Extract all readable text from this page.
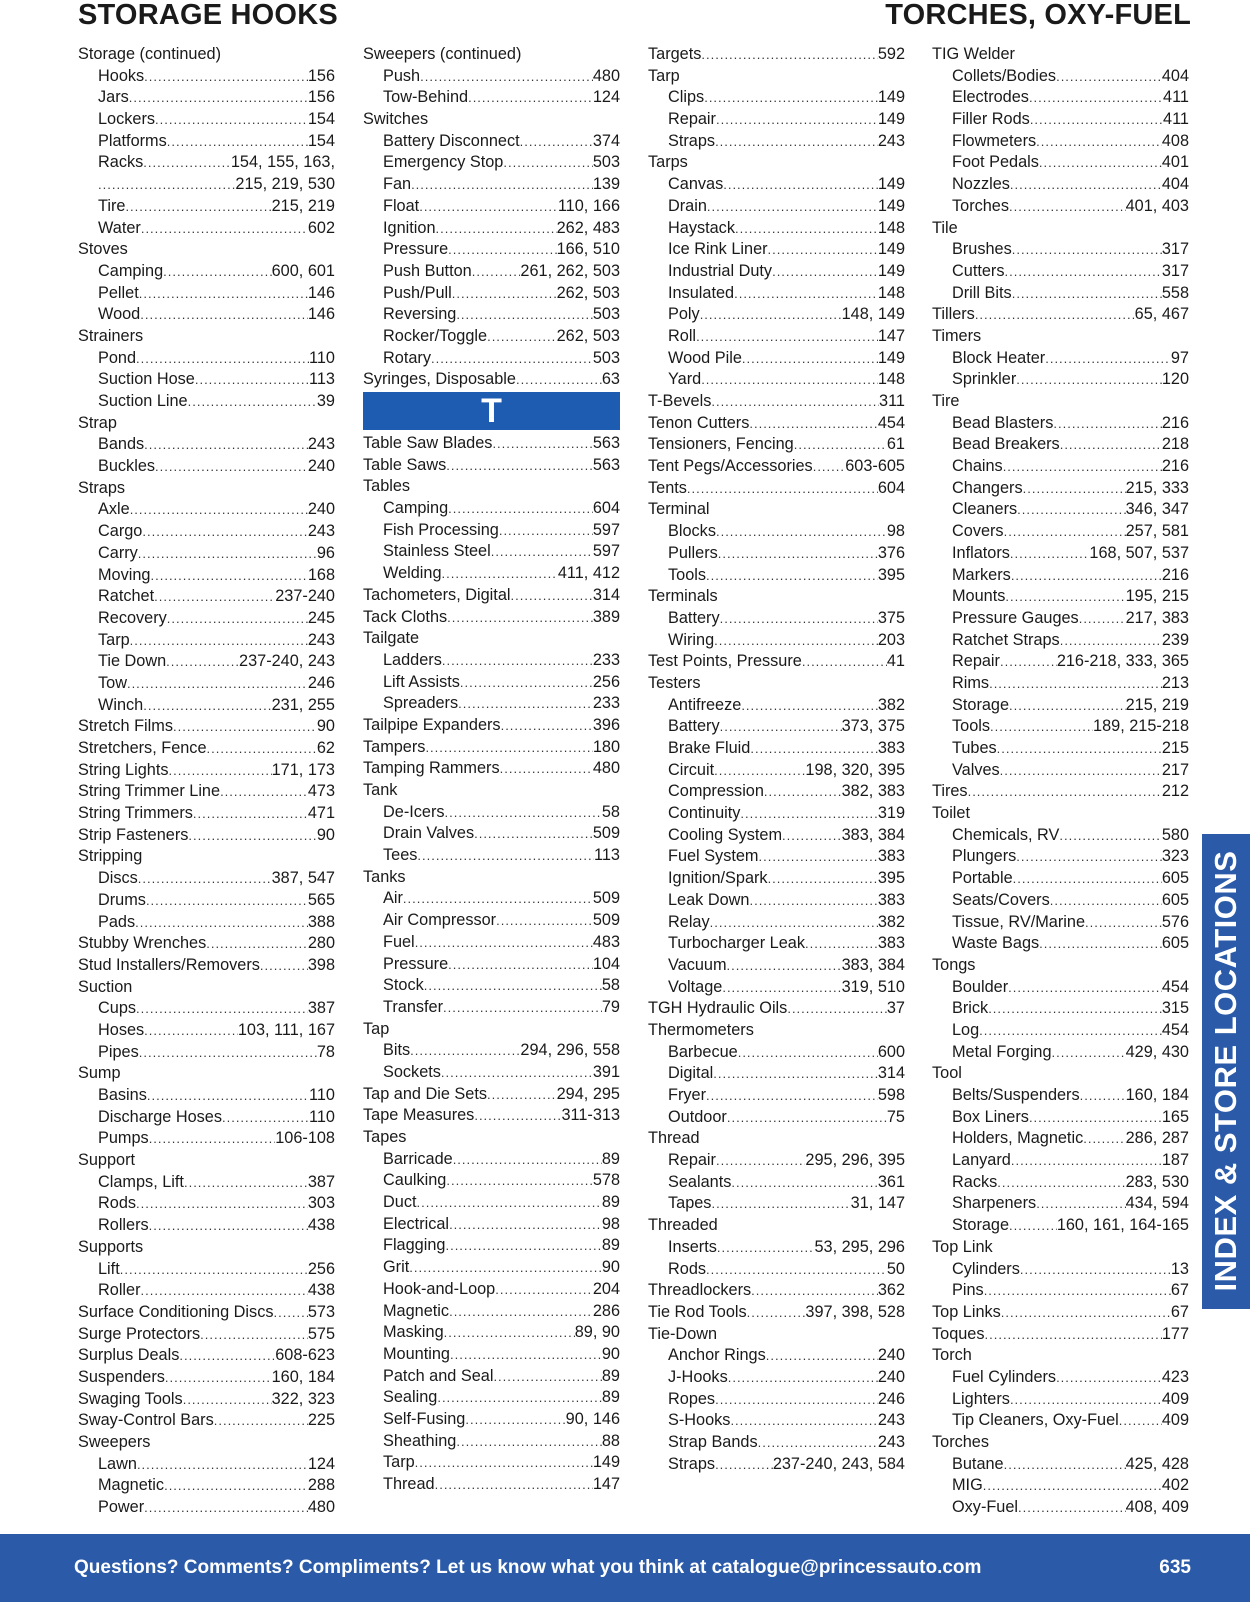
STORAGE HOOKS	TORCHES, OXY-FUEL
Storage (continued)
Hooks .....	156
Jars .....	156
Lockers .....	154
Platforms .....	154
Racks .....	154, 155, 163,
.....
215, 219, 530
Tire .....	215, 219
Water .....	602
Stoves
Camping .....	600, 601
Pellet .....	146
Wood .....	146
Strainers
Pond .....	110
Suction Hose .....	113
Suction Line .....	39
Strap
Bands .....	243
Buckles .....	240
Straps
Axle .....	240
Cargo .....	243
Carry .....	96
Moving .....	168
Ratchet .....	237-240
Recovery .....	245
Tarp .....	243
Tie Down .....	237-240, 243
Tow .....	246
Winch .....	231, 255
Stretch Films .....	90
Stretchers, Fence .....	62
String Lights .....	171, 173
String Trimmer Line .....	473
String Trimmers .....	471
Strip Fasteners .....	90
Stripping
Discs .....	387, 547
Drums .....	565
Pads .....	388
Stubby Wrenches .....	280
Stud Installers/Removers .....	398
Suction
Cups .....	387
Hoses .....	103, 111, 167
Pipes .....	78
Sump
Basins .....	110
Discharge Hoses .....	110
Pumps .....	106-108
Support
Clamps, Lift .....	387
Rods .....	303
Rollers .....	438
Supports
Lift .....	256
Roller .....	438
Surface Conditioning Discs ..... 573
Surge Protectors .....	575
Surplus Deals .....	608-623
Suspenders .....	160, 184
Swaging Tools .....	322, 323
Sway-Control Bars .....	225
Sweepers
Lawn .....	124
Magnetic .....	288
Power .....	480
Sweepers (continued)
Push .....	480
Tow-Behind .....	124
Switches
Battery Disconnect .....	374
Emergency Stop .....	503
Fan .....	139
Float .....	110, 166
Ignition .....	262, 483
Pressure .....	166, 510
Push Button .....	261, 262, 503
Push/Pull .....	262, 503
Reversing .....	503
Rocker/Toggle .....	262, 503
Rotary .....	503
Syringes, Disposable .....	63
T
Table Saw Blades .....	563
Table Saws .....	563
Tables
Camping .....	604
Fish Processing .....	597
Stainless Steel .....	597
Welding .....	411, 412
Tachometers, Digital .....	314
Tack Cloths .....	389
Tailgate
Ladders .....	233
Lift Assists .....	256
Spreaders .....	233
Tailpipe Expanders .....	396
Tampers .....	180
Tamping Rammers .....	480
Tank
De-Icers .....	58
Drain Valves .....	509
Tees .....	113
Tanks
Air .....	509
Air Compressor .....	509
Fuel .....	483
Pressure .....	104
Stock .....	58
Transfer .....	79
Tap
Bits .....	294, 296, 558
Sockets .....	391
Tap and Die Sets .....	294, 295
Tape Measures .....	311-313
Tapes
Barricade .....	89
Caulking .....	578
Duct .....	89
Electrical .....	98
Flagging .....	89
Grit .....	90
Hook-and-Loop .....	204
Magnetic .....	286
Masking .....	89, 90
Mounting .....	90
Patch and Seal .....	89
Sealing .....	89
Self-Fusing .....	90, 146
Sheathing .....	88
Tarp .....	149
Thread .....	147
Targets .....	592
Tarp
Clips .....	149
Repair .....	149
Straps .....	243
Tarps
Canvas .....	149
Drain .....	149
Haystack .....	148
Ice Rink Liner .....	149
Industrial Duty .....	149
Insulated .....	148
Poly .....	148, 149
Roll .....	147
Wood Pile .....	149
Yard .....	148
T-Bevels .....	311
Tenon Cutters .....	454
Tensioners, Fencing .....	61
Tent Pegs/Accessories ..... 603-605
Tents .....	604
Terminal
Blocks .....	98
Pullers .....	376
Tools .....	395
Terminals
Battery .....	375
Wiring .....	203
Test Points, Pressure .....	41
Testers
Antifreeze .....	382
Battery .....	373, 375
Brake Fluid .....	383
Circuit .....	198, 320, 395
Compression .....	382, 383
Continuity .....	319
Cooling System .....	383, 384
Fuel System .....	383
Ignition/Spark .....	395
Leak Down .....	383
Relay .....	382
Turbocharger Leak .....	383
Vacuum .....	383, 384
Voltage .....	319, 510
TGH Hydraulic Oils .....	37
Thermometers
Barbecue .....	600
Digital .....	314
Fryer .....	598
Outdoor .....	75
Thread
Repair .....	295, 296, 395
Sealants .....	361
Tapes .....	31, 147
Threaded
Inserts .....	53, 295, 296
Rods .....	50
Threadlockers .....	362
Tie Rod Tools .....	397, 398, 528
Tie-Down
Anchor Rings .....	240
J-Hooks .....	240
Ropes .....	246
S-Hooks .....	243
Strap Bands .....	243
Straps .....	237-240, 243, 584
TIG Welder
Collets/Bodies .....	404
Electrodes .....	411
Filler Rods .....	411
Flowmeters .....	408
Foot Pedals .....	401
Nozzles .....	404
Torches .....	401, 403
Tile
Brushes .....	317
Cutters .....	317
Drill Bits .....	558
Tillers .....	65, 467
Timers
Block Heater .....	97
Sprinkler .....	120
Tire
Bead Blasters .....	216
Bead Breakers .....	218
Chains .....	216
Changers .....	215, 333
Cleaners .....	346, 347
Covers .....	257, 581
Inflators .....	168, 507, 537
Markers .....	216
Mounts .....	195, 215
Pressure Gauges .....	217, 383
Ratchet Straps .....	239
Repair .....	216-218, 333, 365
Rims .....	213
Storage .....	215, 219
Tools .....	189, 215-218
Tubes .....	215
Valves .....	217
Tires .....	212
Toilet
Chemicals, RV .....	580
Plungers .....	323
Portable .....	605
Seats/Covers .....	605
Tissue, RV/Marine .....	576
Waste Bags .....	605
Tongs
Boulder .....	454
Brick .....	315
Log .....	454
Metal Forging .....	429, 430
Tool
Belts/Suspenders .....	160, 184
Box Liners .....	165
Holders, Magnetic .....	286, 287
Lanyard .....	187
Racks .....	283, 530
Sharpeners .....	434, 594
Storage .....	160, 161, 164-165
Top Link
Cylinders .....	13
Pins .....	67
Top Links .....	67
Toques .....	177
Torch
Fuel Cylinders .....	423
Lighters .....	409
Tip Cleaners, Oxy-Fuel .....	409
Torches
Butane .....	425, 428
MIG .....	402
Oxy-Fuel .....	408, 409
INDEX & STORE LOCATIONS
Questions? Comments? Compliments? Let us know what you think at catalogue@princessauto.com	635
